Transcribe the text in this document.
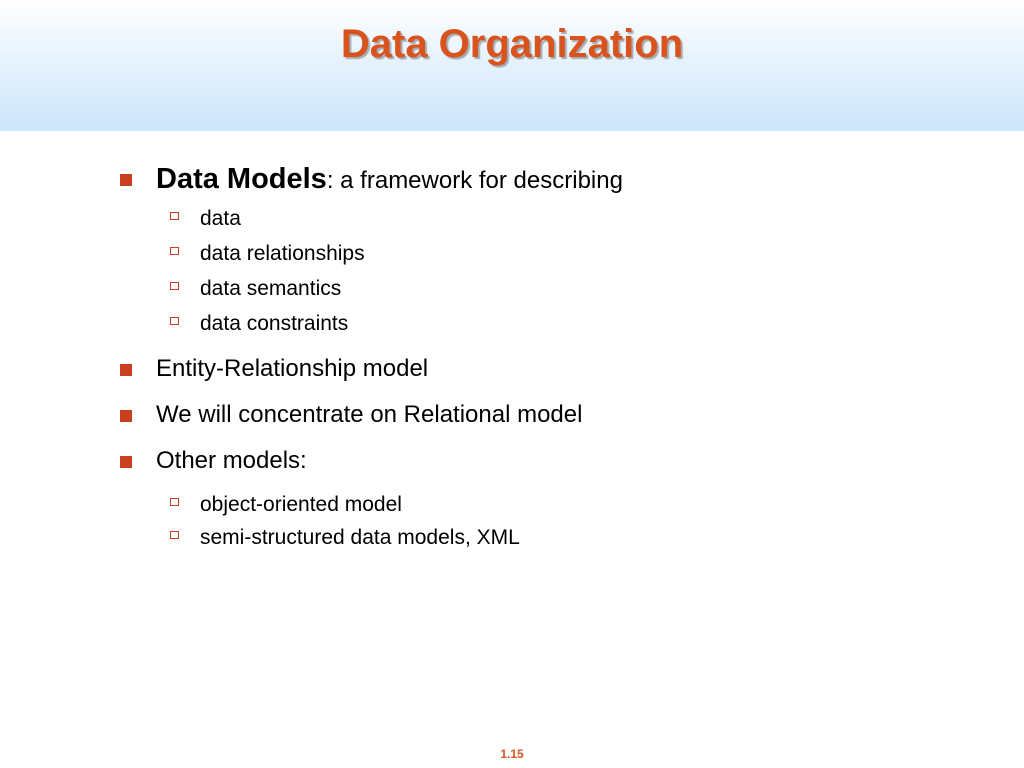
Data Organization
Data Models: a framework for describing
data
data relationships
data semantics
data constraints
Entity-Relationship model
We will concentrate on Relational model
Other models:
object-oriented model
semi-structured data models, XML
1.15
